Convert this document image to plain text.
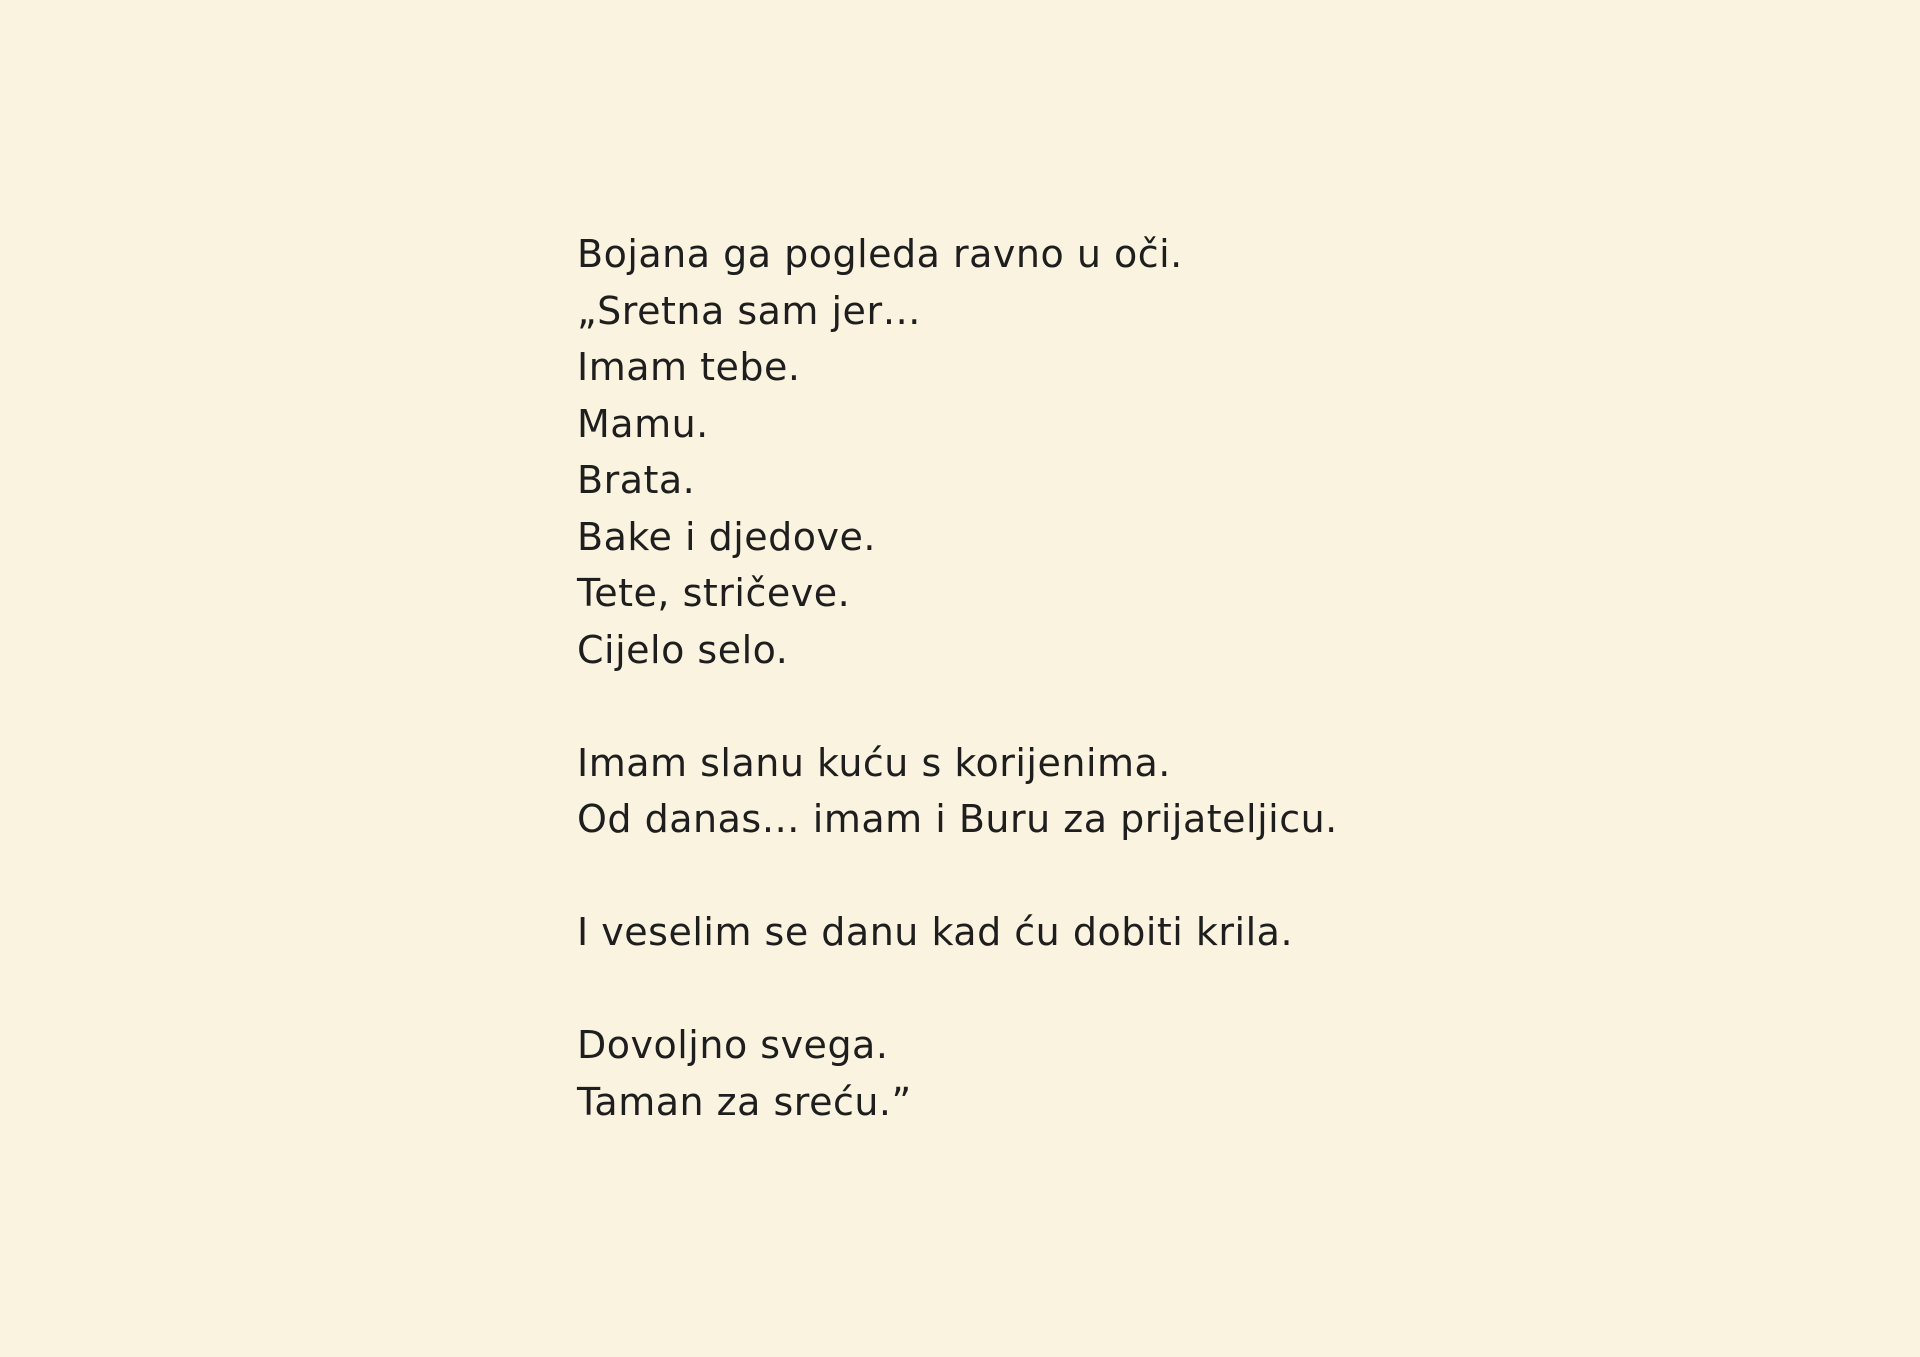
Bojana ga pogleda ravno u oči.
„Sretna sam jer…
Imam tebe.
Mamu.
Brata.
Bake i djedove.
Tete, stričeve.
Cijelo selo.
Imam slanu kuću s korijenima.
Od danas… imam i Buru za prijateljicu.
I veselim se danu kad ću dobiti krila.
Dovoljno svega.
Taman za sreću.”
